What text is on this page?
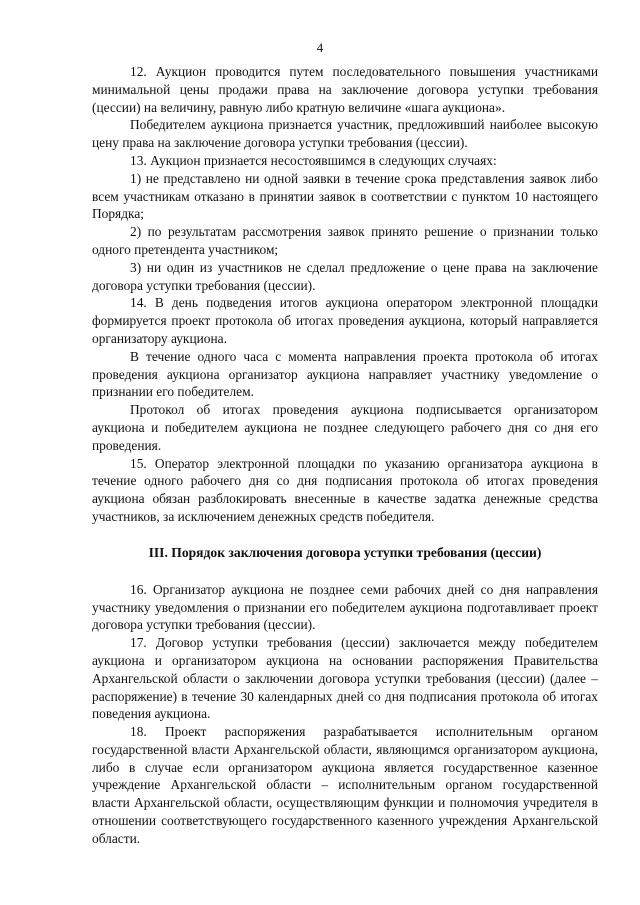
4

12. Аукцион проводится путем последовательного повышения участниками минимальной цены продажи права на заключение договора уступки требования (цессии) на величину, равную либо кратную величине «шага аукциона».

Победителем аукциона признается участник, предложивший наиболее высокую цену права на заключение договора уступки требования (цессии).

13. Аукцион признается несостоявшимся в следующих случаях:

1) не представлено ни одной заявки в течение срока представления заявок либо всем участникам отказано в принятии заявок в соответствии с пунктом 10 настоящего Порядка;

2) по результатам рассмотрения заявок принято решение о признании только одного претендента участником;

3) ни один из участников не сделал предложение о цене права на заключение договора уступки требования (цессии).

14. В день подведения итогов аукциона оператором электронной площадки формируется проект протокола об итогах проведения аукциона, который направляется организатору аукциона.

В течение одного часа с момента направления проекта протокола об итогах проведения аукциона организатор аукциона направляет участнику уведомление о признании его победителем.

Протокол об итогах проведения аукциона подписывается организатором аукциона и победителем аукциона не позднее следующего рабочего дня со дня его проведения.

15. Оператор электронной площадки по указанию организатора аукциона в течение одного рабочего дня со дня подписания протокола об итогах проведения аукциона обязан разблокировать внесенные в качестве задатка денежные средства участников, за исключением денежных средств победителя.

III. Порядок заключения договора уступки требования (цессии)

16. Организатор аукциона не позднее семи рабочих дней со дня направления участнику уведомления о признании его победителем аукциона подготавливает проект договора уступки требования (цессии).

17. Договор уступки требования (цессии) заключается между победителем аукциона и организатором аукциона на основании распоряжения Правительства Архангельской области о заключении договора уступки требования (цессии) (далее – распоряжение) в течение 30 календарных дней со дня подписания протокола об итогах поведения аукциона.

18. Проект распоряжения разрабатывается исполнительным органом государственной власти Архангельской области, являющимся организатором аукциона, либо в случае если организатором аукциона является государственное казенное учреждение Архангельской области – исполнительным органом государственной власти Архангельской области, осуществляющим функции и полномочия учредителя в отношении соответствующего государственного казенного учреждения Архангельской области.
